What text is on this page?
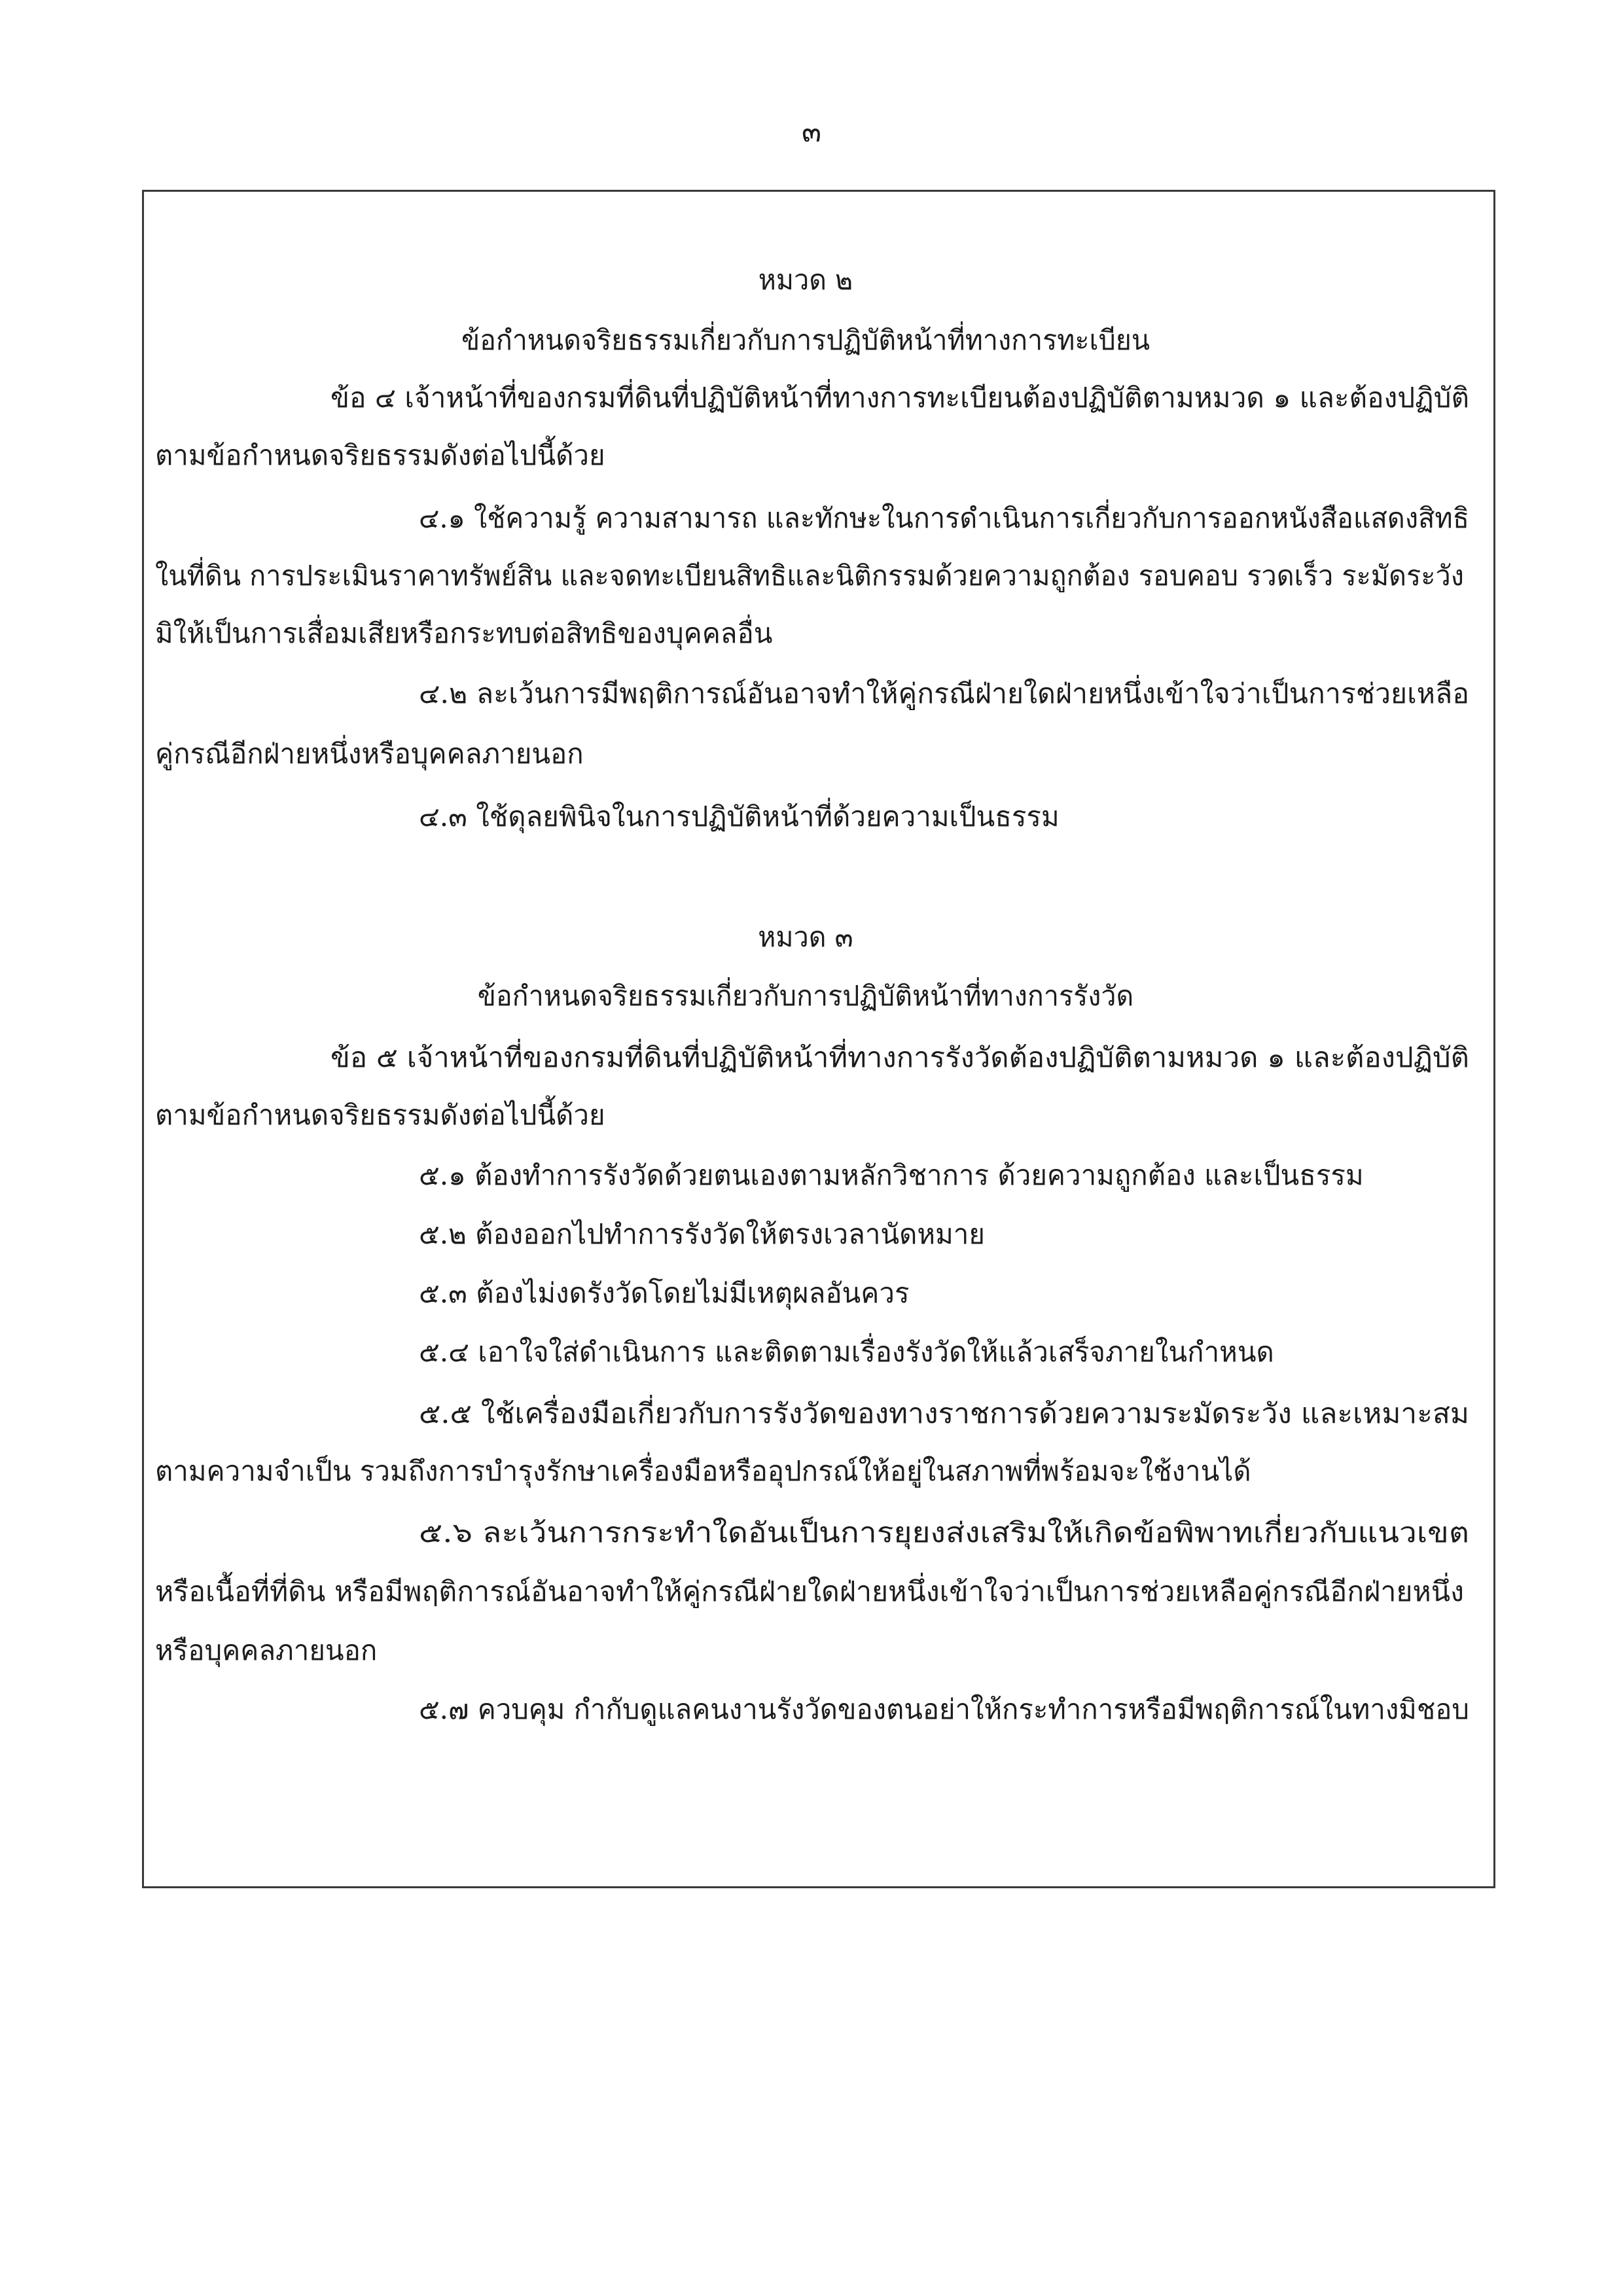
๓
หมวด ๒
ข้อกำหนดจริยธรรมเกี่ยวกับการปฏิบัติหน้าที่ทางการทะเบียน
ข้อ ๔ เจ้าหน้าที่ของกรมที่ดินที่ปฏิบัติหน้าที่ทางการทะเบียนต้องปฏิบัติตามหมวด ๑ และต้องปฏิบัติ
ตามข้อกำหนดจริยธรรมดังต่อไปนี้ด้วย
๔.๑ ใช้ความรู้ ความสามารถ และทักษะในการดำเนินการเกี่ยวกับการออกหนังสือแสดงสิทธิ
ในที่ดิน การประเมินราคาทรัพย์สิน และจดทะเบียนสิทธิและนิติกรรมด้วยความถูกต้อง รอบคอบ รวดเร็ว ระมัดระวัง
มิให้เป็นการเสื่อมเสียหรือกระทบต่อสิทธิของบุคคลอื่น
๔.๒ ละเว้นการมีพฤติการณ์อันอาจทำให้คู่กรณีฝ่ายใดฝ่ายหนึ่งเข้าใจว่าเป็นการช่วยเหลือ
คู่กรณีอีกฝ่ายหนึ่งหรือบุคคลภายนอก
๔.๓ ใช้ดุลยพินิจในการปฏิบัติหน้าที่ด้วยความเป็นธรรม
หมวด ๓
ข้อกำหนดจริยธรรมเกี่ยวกับการปฏิบัติหน้าที่ทางการรังวัด
ข้อ ๕ เจ้าหน้าที่ของกรมที่ดินที่ปฏิบัติหน้าที่ทางการรังวัดต้องปฏิบัติตามหมวด ๑ และต้องปฏิบัติ
ตามข้อกำหนดจริยธรรมดังต่อไปนี้ด้วย
๕.๑ ต้องทำการรังวัดด้วยตนเองตามหลักวิชาการ ด้วยความถูกต้อง และเป็นธรรม
๕.๒ ต้องออกไปทำการรังวัดให้ตรงเวลานัดหมาย
๕.๓ ต้องไม่งดรังวัดโดยไม่มีเหตุผลอันควร
๕.๔ เอาใจใส่ดำเนินการ และติดตามเรื่องรังวัดให้แล้วเสร็จภายในกำหนด
๕.๕ ใช้เครื่องมือเกี่ยวกับการรังวัดของทางราชการด้วยความระมัดระวัง และเหมาะสม
ตามความจำเป็น รวมถึงการบำรุงรักษาเครื่องมือหรืออุปกรณ์ให้อยู่ในสภาพที่พร้อมจะใช้งานได้
๕.๖ ละเว้นการกระทำใดอันเป็นการยุยงส่งเสริมให้เกิดข้อพิพาทเกี่ยวกับแนวเขต
หรือเนื้อที่ที่ดิน หรือมีพฤติการณ์อันอาจทำให้คู่กรณีฝ่ายใดฝ่ายหนึ่งเข้าใจว่าเป็นการช่วยเหลือคู่กรณีอีกฝ่ายหนึ่ง
หรือบุคคลภายนอก
๕.๗ ควบคุม กำกับดูแลคนงานรังวัดของตนอย่าให้กระทำการหรือมีพฤติการณ์ในทางมิชอบ
